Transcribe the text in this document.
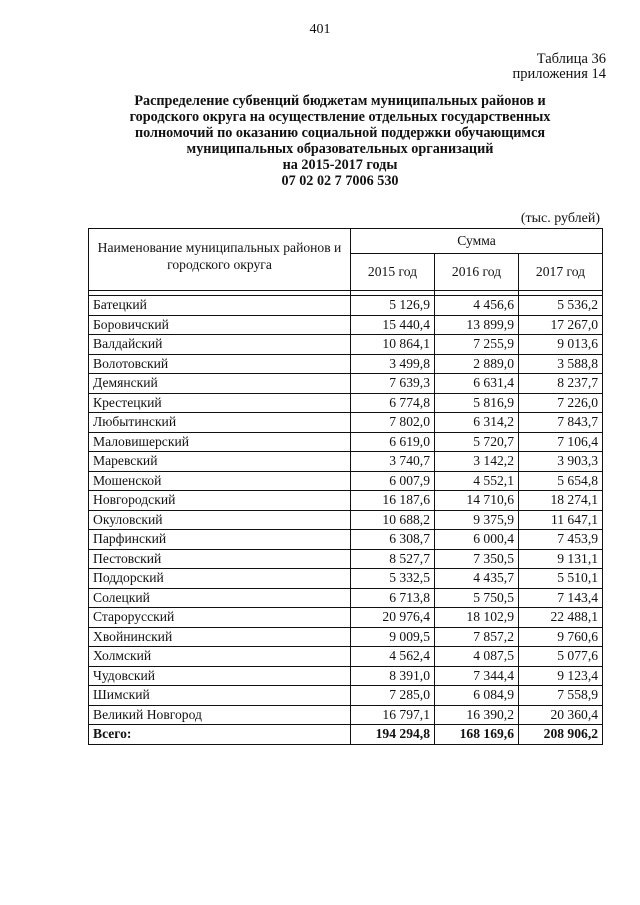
401
Таблица 36
приложения 14
Распределение субвенций бюджетам муниципальных районов и
городского округа на осуществление отдельных государственных
полномочий по оказанию социальной поддержки обучающимся
муниципальных образовательных организаций
на 2015-2017 годы
07 02 02 7 7006 530
(тыс. рублей)
Наименование муниципальных районов и городского округа	Сумма		
	2015 год	2016 год	2017 год

Батецкий	5 126,9	4 456,6	5 536,2
Боровичский	15 440,4	13 899,9	17 267,0
Валдайский	10 864,1	7 255,9	9 013,6
Волотовский	3 499,8	2 889,0	3 588,8
Демянский	7 639,3	6 631,4	8 237,7
Крестецкий	6 774,8	5 816,9	7 226,0
Любытинский	7 802,0	6 314,2	7 843,7
Маловишерский	6 619,0	5 720,7	7 106,4
Маревский	3 740,7	3 142,2	3 903,3
Мошенской	6 007,9	4 552,1	5 654,8
Новгородский	16 187,6	14 710,6	18 274,1
Окуловский	10 688,2	9 375,9	11 647,1
Парфинский	6 308,7	6 000,4	7 453,9
Пестовский	8 527,7	7 350,5	9 131,1
Поддорский	5 332,5	4 435,7	5 510,1
Солецкий	6 713,8	5 750,5	7 143,4
Старорусский	20 976,4	18 102,9	22 488,1
Хвойнинский	9 009,5	7 857,2	9 760,6
Холмский	4 562,4	4 087,5	5 077,6
Чудовский	8 391,0	7 344,4	9 123,4
Шимский	7 285,0	6 084,9	7 558,9
Великий Новгород	16 797,1	16 390,2	20 360,4
Всего:	194 294,8	168 169,6	208 906,2
